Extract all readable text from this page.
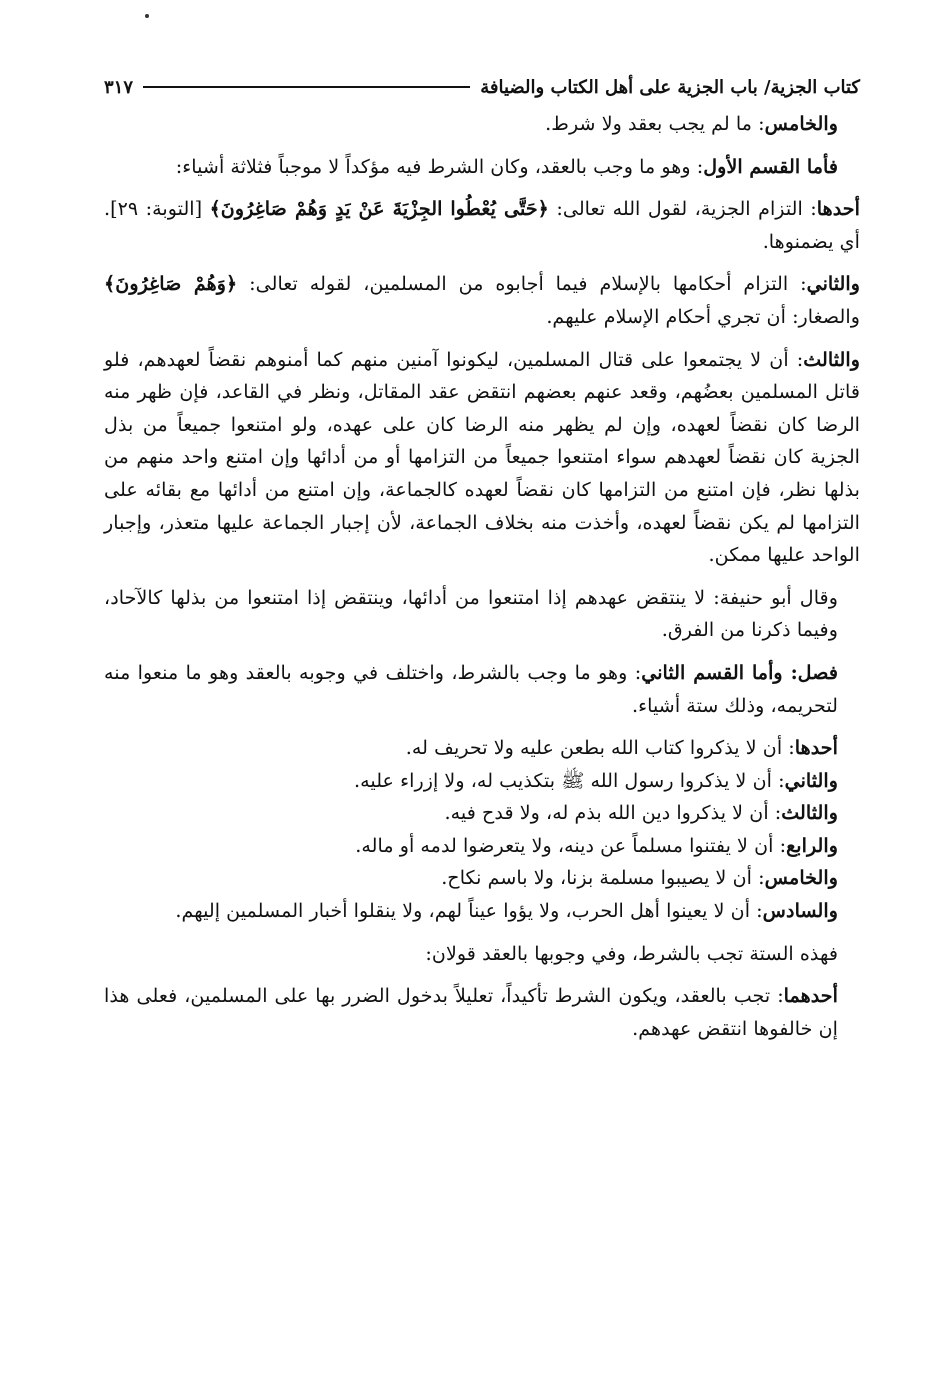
كتاب الجزية/ باب الجزية على أهل الكتاب والضيافة
٣١٧

والخامس: ما لم يجب بعقد ولا شرط.

فأما القسم الأول: وهو ما وجب بالعقد، وكان الشرط فيه مؤكداً لا موجباً فثلاثة أشياء:

أحدها: التزام الجزية، لقول الله تعالى: ﴿حَتَّى يُعْطُوا الجِزْيَةَ عَنْ يَدٍ وَهُمْ صَاغِرُونَ﴾ [التوبة: ٢٩]. أي يضمنوها.

والثاني: التزام أحكامها بالإسلام فيما أجابوه من المسلمين، لقوله تعالى: ﴿وَهُمْ صَاغِرُونَ﴾ والصغار: أن تجري أحكام الإسلام عليهم.

والثالث: أن لا يجتمعوا على قتال المسلمين، ليكونوا آمنين منهم كما أمنوهم نقضاً لعهدهم، فلو قاتل المسلمين بعضُهم، وقعد عنهم بعضهم انتقض عقد المقاتل، ونظر في القاعد، فإن ظهر منه الرضا كان نقضاً لعهده، وإن لم يظهر منه الرضا كان على عهده، ولو امتنعوا جميعاً من بذل الجزية كان نقضاً لعهدهم سواء امتنعوا جميعاً من التزامها أو من أدائها وإن امتنع واحد منهم من بذلها نظر، فإن امتنع من التزامها كان نقضاً لعهده كالجماعة، وإن امتنع من أدائها مع بقائه على التزامها لم يكن نقضاً لعهده، وأخذت منه بخلاف الجماعة، لأن إجبار الجماعة عليها متعذر، وإجبار الواحد عليها ممكن.

وقال أبو حنيفة: لا ينتقض عهدهم إذا امتنعوا من أدائها، وينتقض إذا امتنعوا من بذلها كالآحاد، وفيما ذكرنا من الفرق.

فصل: وأما القسم الثاني: وهو ما وجب بالشرط، واختلف في وجوبه بالعقد وهو ما منعوا منه لتحريمه، وذلك ستة أشياء.

أحدها: أن لا يذكروا كتاب الله بطعن عليه ولا تحريف له.

والثاني: أن لا يذكروا رسول الله ﷺ بتكذيب له، ولا إزراء عليه.

والثالث: أن لا يذكروا دين الله بذم له، ولا قدح فيه.

والرابع: أن لا يفتنوا مسلماً عن دينه، ولا يتعرضوا لدمه أو ماله.

والخامس: أن لا يصيبوا مسلمة بزنا، ولا باسم نكاح.

والسادس: أن لا يعينوا أهل الحرب، ولا يؤوا عيناً لهم، ولا ينقلوا أخبار المسلمين إليهم.

فهذه الستة تجب بالشرط، وفي وجوبها بالعقد قولان:

أحدهما: تجب بالعقد، ويكون الشرط تأكيداً، تعليلاً بدخول الضرر بها على المسلمين، فعلى هذا إن خالفوها انتقض عهدهم.
